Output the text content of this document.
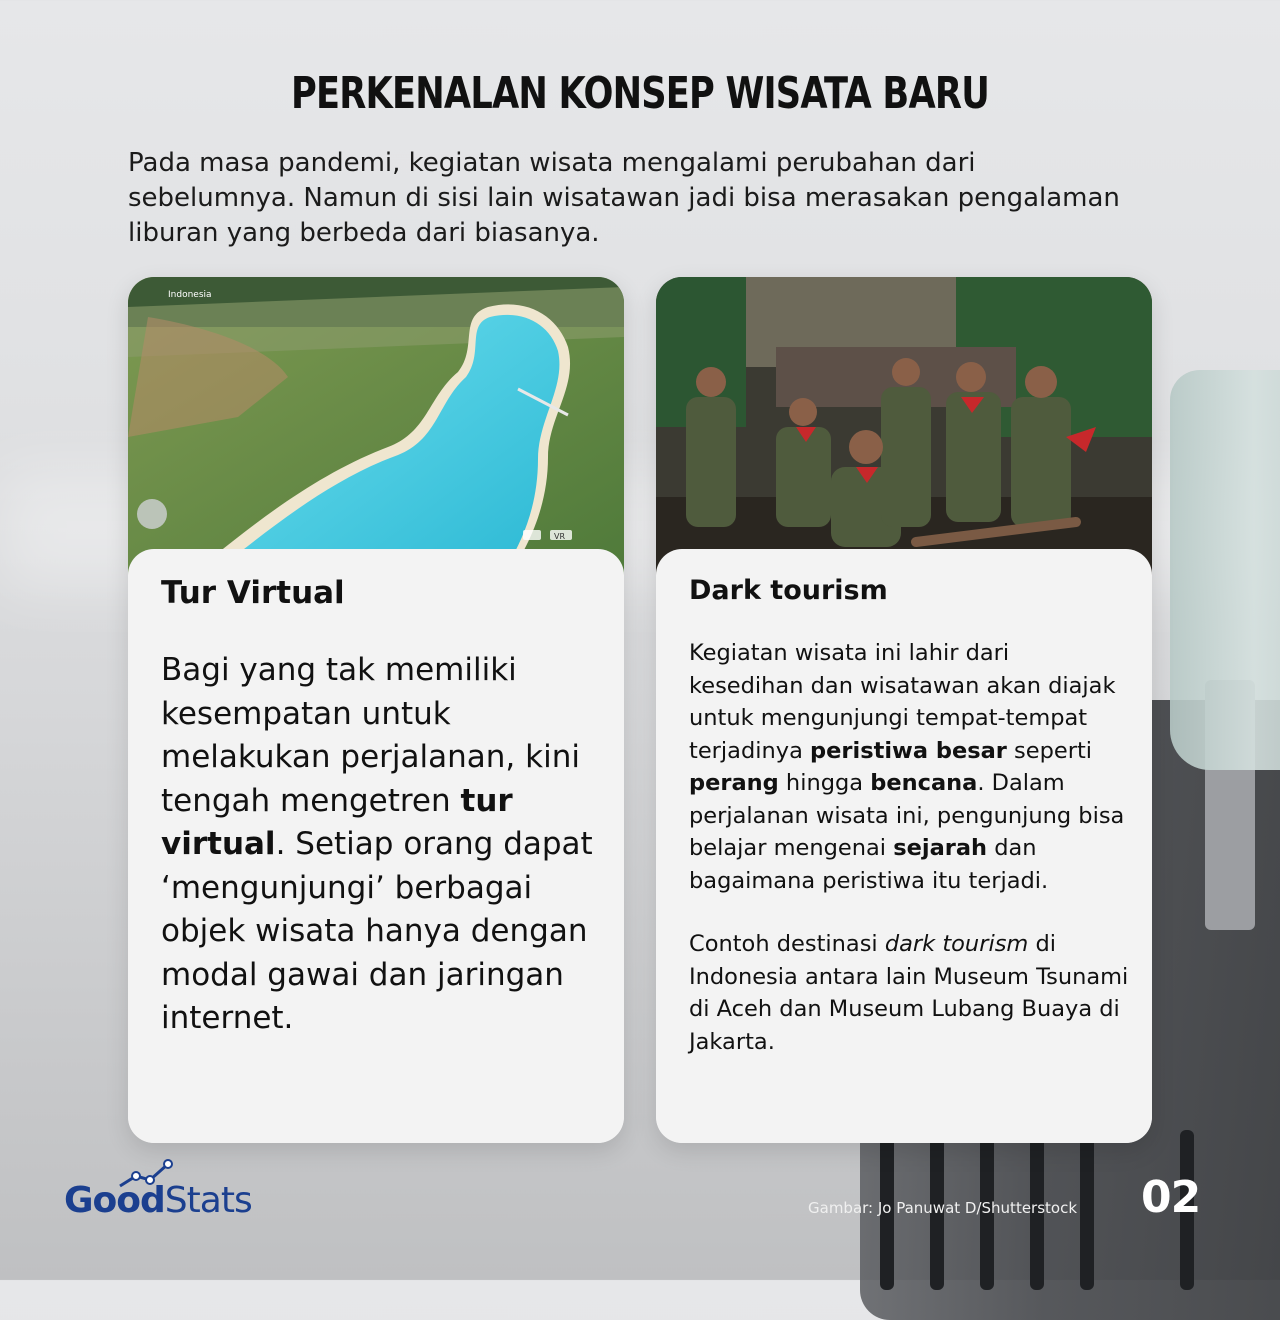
PERKENALAN KONSEP WISATA BARU
Pada masa pandemi, kegiatan wisata mengalami perubahan dari sebelumnya. Namun di sisi lain wisatawan jadi bisa merasakan pengalaman liburan yang berbeda dari biasanya.
Indonesia
VR
Tur Virtual

Bagi yang tak memiliki kesempatan untuk melakukan perjalanan, kini tengah mengetren tur virtual. Setiap orang dapat ‘mengunjungi’ berbagai objek wisata hanya dengan modal gawai dan jaringan internet.

Dark tourism

Kegiatan wisata ini lahir dari kesedihan dan wisatawan akan diajak untuk mengunjungi tempat-tempat terjadinya peristiwa besar seperti perang hingga bencana. Dalam perjalanan wisata ini, pengunjung bisa belajar mengenai sejarah dan bagaimana peristiwa itu terjadi.

Contoh destinasi dark tourism di Indonesia antara lain Museum Tsunami di Aceh dan Museum Lubang Buaya di Jakarta.

GoodStats	Gambar: Jo Panuwat D/Shutterstock 02
